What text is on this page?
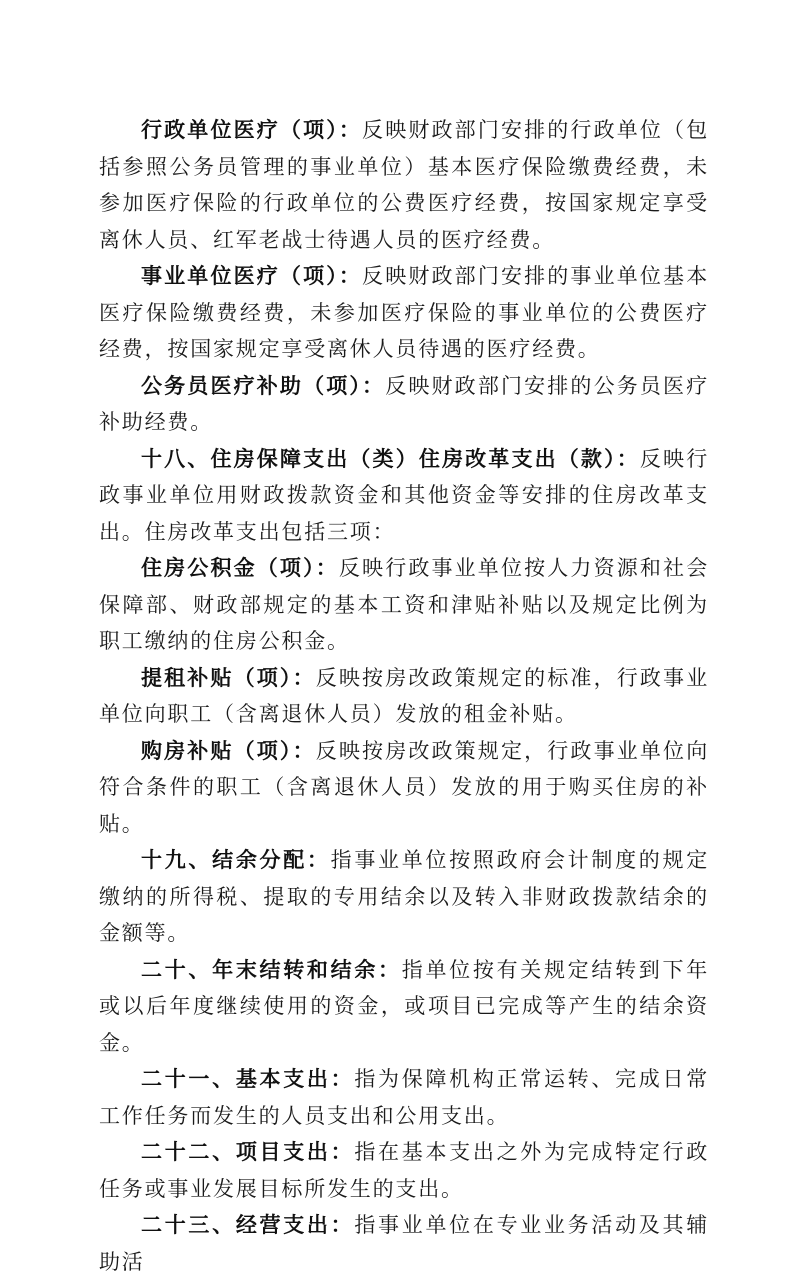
行政单位医疗（项）：反映财政部门安排的行政单位（包括参照公务员管理的事业单位）基本医疗保险缴费经费，未参加医疗保险的行政单位的公费医疗经费，按国家规定享受离休人员、红军老战士待遇人员的医疗经费。

事业单位医疗（项）：反映财政部门安排的事业单位基本医疗保险缴费经费，未参加医疗保险的事业单位的公费医疗经费，按国家规定享受离休人员待遇的医疗经费。

公务员医疗补助（项）：反映财政部门安排的公务员医疗补助经费。

十八、住房保障支出（类）住房改革支出（款）：反映行政事业单位用财政拨款资金和其他资金等安排的住房改革支出。住房改革支出包括三项：

住房公积金（项）：反映行政事业单位按人力资源和社会保障部、财政部规定的基本工资和津贴补贴以及规定比例为职工缴纳的住房公积金。

提租补贴（项）：反映按房改政策规定的标准，行政事业单位向职工（含离退休人员）发放的租金补贴。

购房补贴（项）：反映按房改政策规定，行政事业单位向符合条件的职工（含离退休人员）发放的用于购买住房的补贴。

十九、结余分配：指事业单位按照政府会计制度的规定缴纳的所得税、提取的专用结余以及转入非财政拨款结余的金额等。

二十、年末结转和结余：指单位按有关规定结转到下年或以后年度继续使用的资金，或项目已完成等产生的结余资金。

二十一、基本支出：指为保障机构正常运转、完成日常工作任务而发生的人员支出和公用支出。

二十二、项目支出：指在基本支出之外为完成特定行政任务或事业发展目标所发生的支出。

二十三、经营支出：指事业单位在专业业务活动及其辅助活
